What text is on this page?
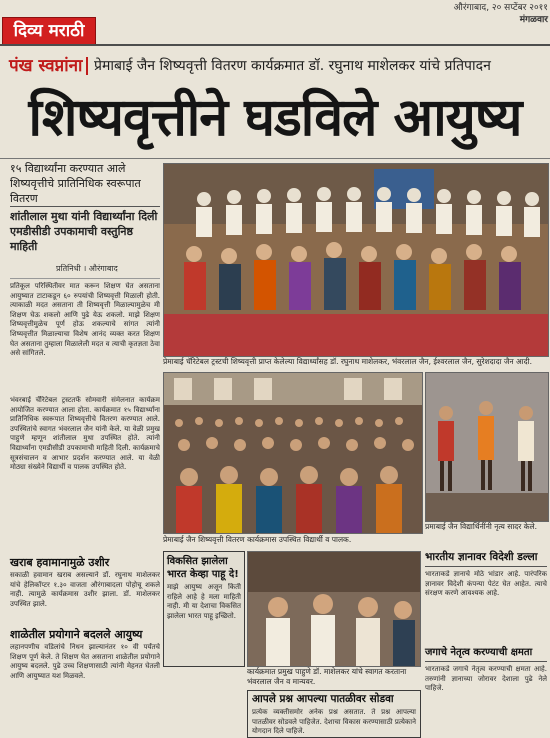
दिव्य मराठी
औरंगाबाद, २० सप्टेंबर २०११
मंगळवार
पंख स्वप्नांना प्रेमाबाई जैन शिष्यवृत्ती वितरण कार्यक्रमात डॉ. रघुनाथ माशेलकर यांचे प्रतिपादन
शिष्यवृत्तीने घडविले आयुष्य
१५ विद्यार्थ्यांना करण्यात आले शिष्यवृत्तीचे प्रातिनिधिक स्वरूपात वितरण
शांतीलाल मुथा यांनी विद्यार्थ्यांना दिली एमडीसीडी उपकामाची वस्तुनिष्ठ माहिती
प्रतिनिधी । औरंगाबाद
प्रतिकूल परिस्थितीवर मात करून शिक्षण घेत असताना आयुष्यात टाटाकडून ६० रुपयांची शिष्यवृत्ती मिळाली होती. त्याकाळी मदत असताना ती शिष्यवृत्ती मिळाल्यामुळेच मी शिक्षण घेऊ शकलो आणि पुढे येऊ शकलो. माझे शिक्षण शिष्यवृत्तीमुळेच पूर्ण होऊ शकल्याचे सांगत त्यांनी शिष्यवृत्तीत मिळाल्याचा विशेष आनंद व्यक्त करत शिक्षण घेत असताना तुम्हाला मिळालेली मदत व त्याची कृतज्ञता ठेवा असे सांगितले.
भंवरबाई चॅरिटेबल ट्रस्टतर्फे सोमवारी संमेलनात कार्यक्रम आयोजित करण्यात आला होता. कार्यक्रमात १५ विद्यार्थ्यांना प्रातिनिधिक स्वरूपात शिष्यवृत्तीचे वितरण करण्यात आले. उपस्थितांचे स्वागत भंवरलाल जैन यांनी केले. या वेळी प्रमुख पाहुणे म्हणून शांतीलाल मुथा उपस्थित होते. त्यांनी विद्यार्थ्यांना एमडीसीडी उपकामाची माहिती दिली. कार्यक्रमाचे सूत्रसंचालन व आभार प्रदर्शन करण्यात आले. या वेळी मोठ्या संख्येने विद्यार्थी व पालक उपस्थित होते.
खराब हवामानामुळे उशीर
सकाळी हवामान खराब असल्याने डॉ. रघुनाथ माशेलकर यांचे हेलिकॉप्टर १.३० वाजता औरंगाबादला पोहोचू शकले नाही. त्यामुळे कार्यक्रमास उशीर झाला. डॉ. माशेलकर उपस्थित झाले.
शाळेतील प्रयोगाने बदलले आयुष्य
लहानपणीच वडिलांचे निधन झाल्यानंतर १० वी पर्यंतचे शिक्षण पूर्ण केले. ते शिक्षण घेत असताना शाळेतील प्रयोगाने आयुष्य बदलले. पुढे उच्च शिक्षणासाठी त्यांनी मेहनत घेतली आणि आयुष्यात यश मिळवले.
प्रेमाबाई चॅरिटेबल ट्रस्टची शिष्यवृत्ती प्राप्त केलेल्या विद्यार्थ्यांसह डॉ. रघुनाथ माशेलकर, भंवरलाल जैन, ईश्वरलाल जैन, सुरेशदादा जैन आदी.
प्रेमाबाई जैन शिष्यवृत्ती वितरण कार्यक्रमास उपस्थित विद्यार्थी व पालक.
प्रमाबाई जैन विद्यार्थिनींनी नृत्य सादर केले.
विकसित झालेला भारत केव्हा पाहू दे!
माझे आयुष्य अजून किती राहिले आहे हे मला माहिती नाही. मी या देशाचा विकसित झालेला भारत पाहू इच्छितो.
कार्यक्रमात प्रमुख पाहुणे डॉ. माशेलकर यांचे स्वागत करताना भंवरलाल जैन व मान्यवर.
आपले प्रश्न आपल्या पातळीवर सोडवा
प्रत्येक व्यक्तीसमोर अनेक प्रश्न असतात. ते प्रश्न आपल्या पातळीवर सोडवले पाहिजेत. देशाचा विकास करण्यासाठी प्रत्येकाने योगदान दिले पाहिजे.
भारतीय ज्ञानावर विदेशी डल्ला
भारताकडे ज्ञानाचे मोठे भांडार आहे. पारंपरिक ज्ञानावर विदेशी कंपन्या पेटंट घेत आहेत. त्याचे संरक्षण करणे आवश्यक आहे.
जगाचे नेतृत्व करण्याची क्षमता
भारताकडे जगाचे नेतृत्व करण्याची क्षमता आहे. तरुणांनी ज्ञानाच्या जोरावर देशाला पुढे नेले पाहिजे.
